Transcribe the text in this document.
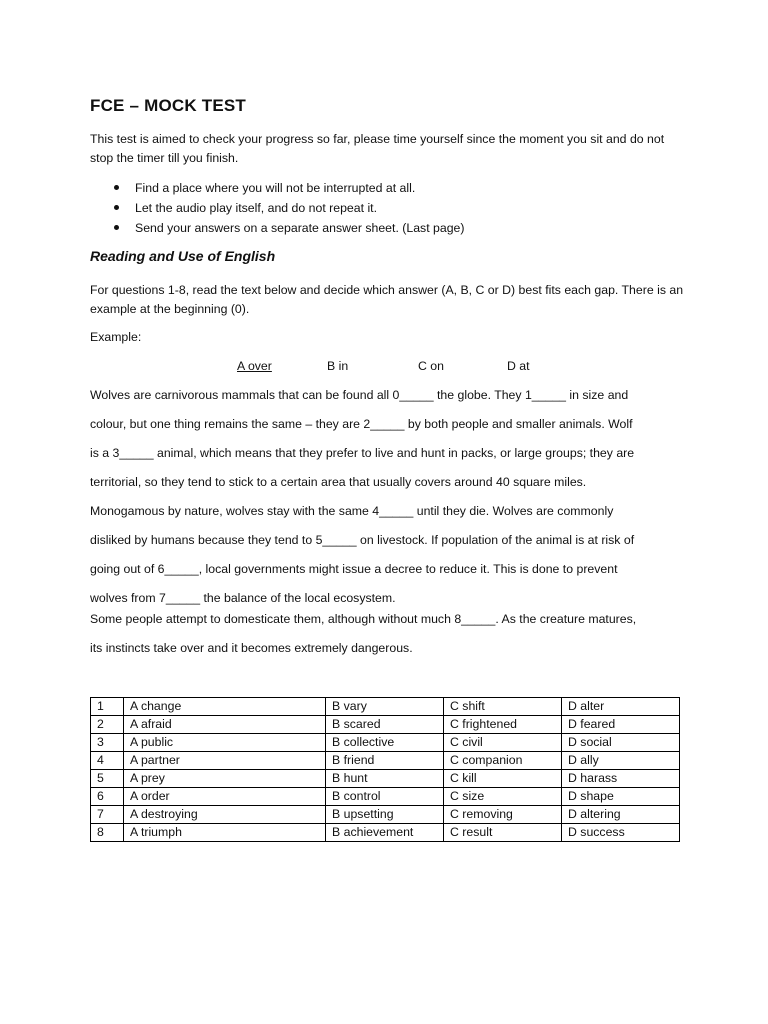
FCE – MOCK TEST
This test is aimed to check your progress so far, please time yourself since the moment you sit and do not stop the timer till you finish.
Find a place where you will not be interrupted at all.
Let the audio play itself, and do not repeat it.
Send your answers on a separate answer sheet. (Last page)
Reading and Use of English
For questions 1-8, read the text below and decide which answer (A, B, C or D) best fits each gap. There is an example at the beginning (0).
Example:
A over	B in	C on	D at
Wolves are carnivorous mammals that can be found all 0_____ the globe. They 1_____ in size and
colour, but one thing remains the same – they are 2_____ by both people and smaller animals. Wolf
is a 3_____ animal, which means that they prefer to live and hunt in packs, or large groups; they are
territorial, so they tend to stick to a certain area that usually covers around 40 square miles.
Monogamous by nature, wolves stay with the same 4_____ until they die. Wolves are commonly
disliked by humans because they tend to 5_____ on livestock. If population of the animal is at risk of
going out of 6_____, local governments might issue a decree to reduce it. This is done to prevent
wolves from 7_____ the balance of the local ecosystem.
Some people attempt to domesticate them, although without much 8_____. As the creature matures,
its instincts take over and it becomes extremely dangerous.
1	A change	B vary	C shift	D alter
2	A afraid	B scared	C frightened	D feared
3	A public	B collective	C civil	D social
4	A partner	B friend	C companion	D ally
5	A prey	B hunt	C kill	D harass
6	A order	B control	C size	D shape
7	A destroying	B upsetting	C removing	D altering
8	A triumph	B achievement	C result	D success
